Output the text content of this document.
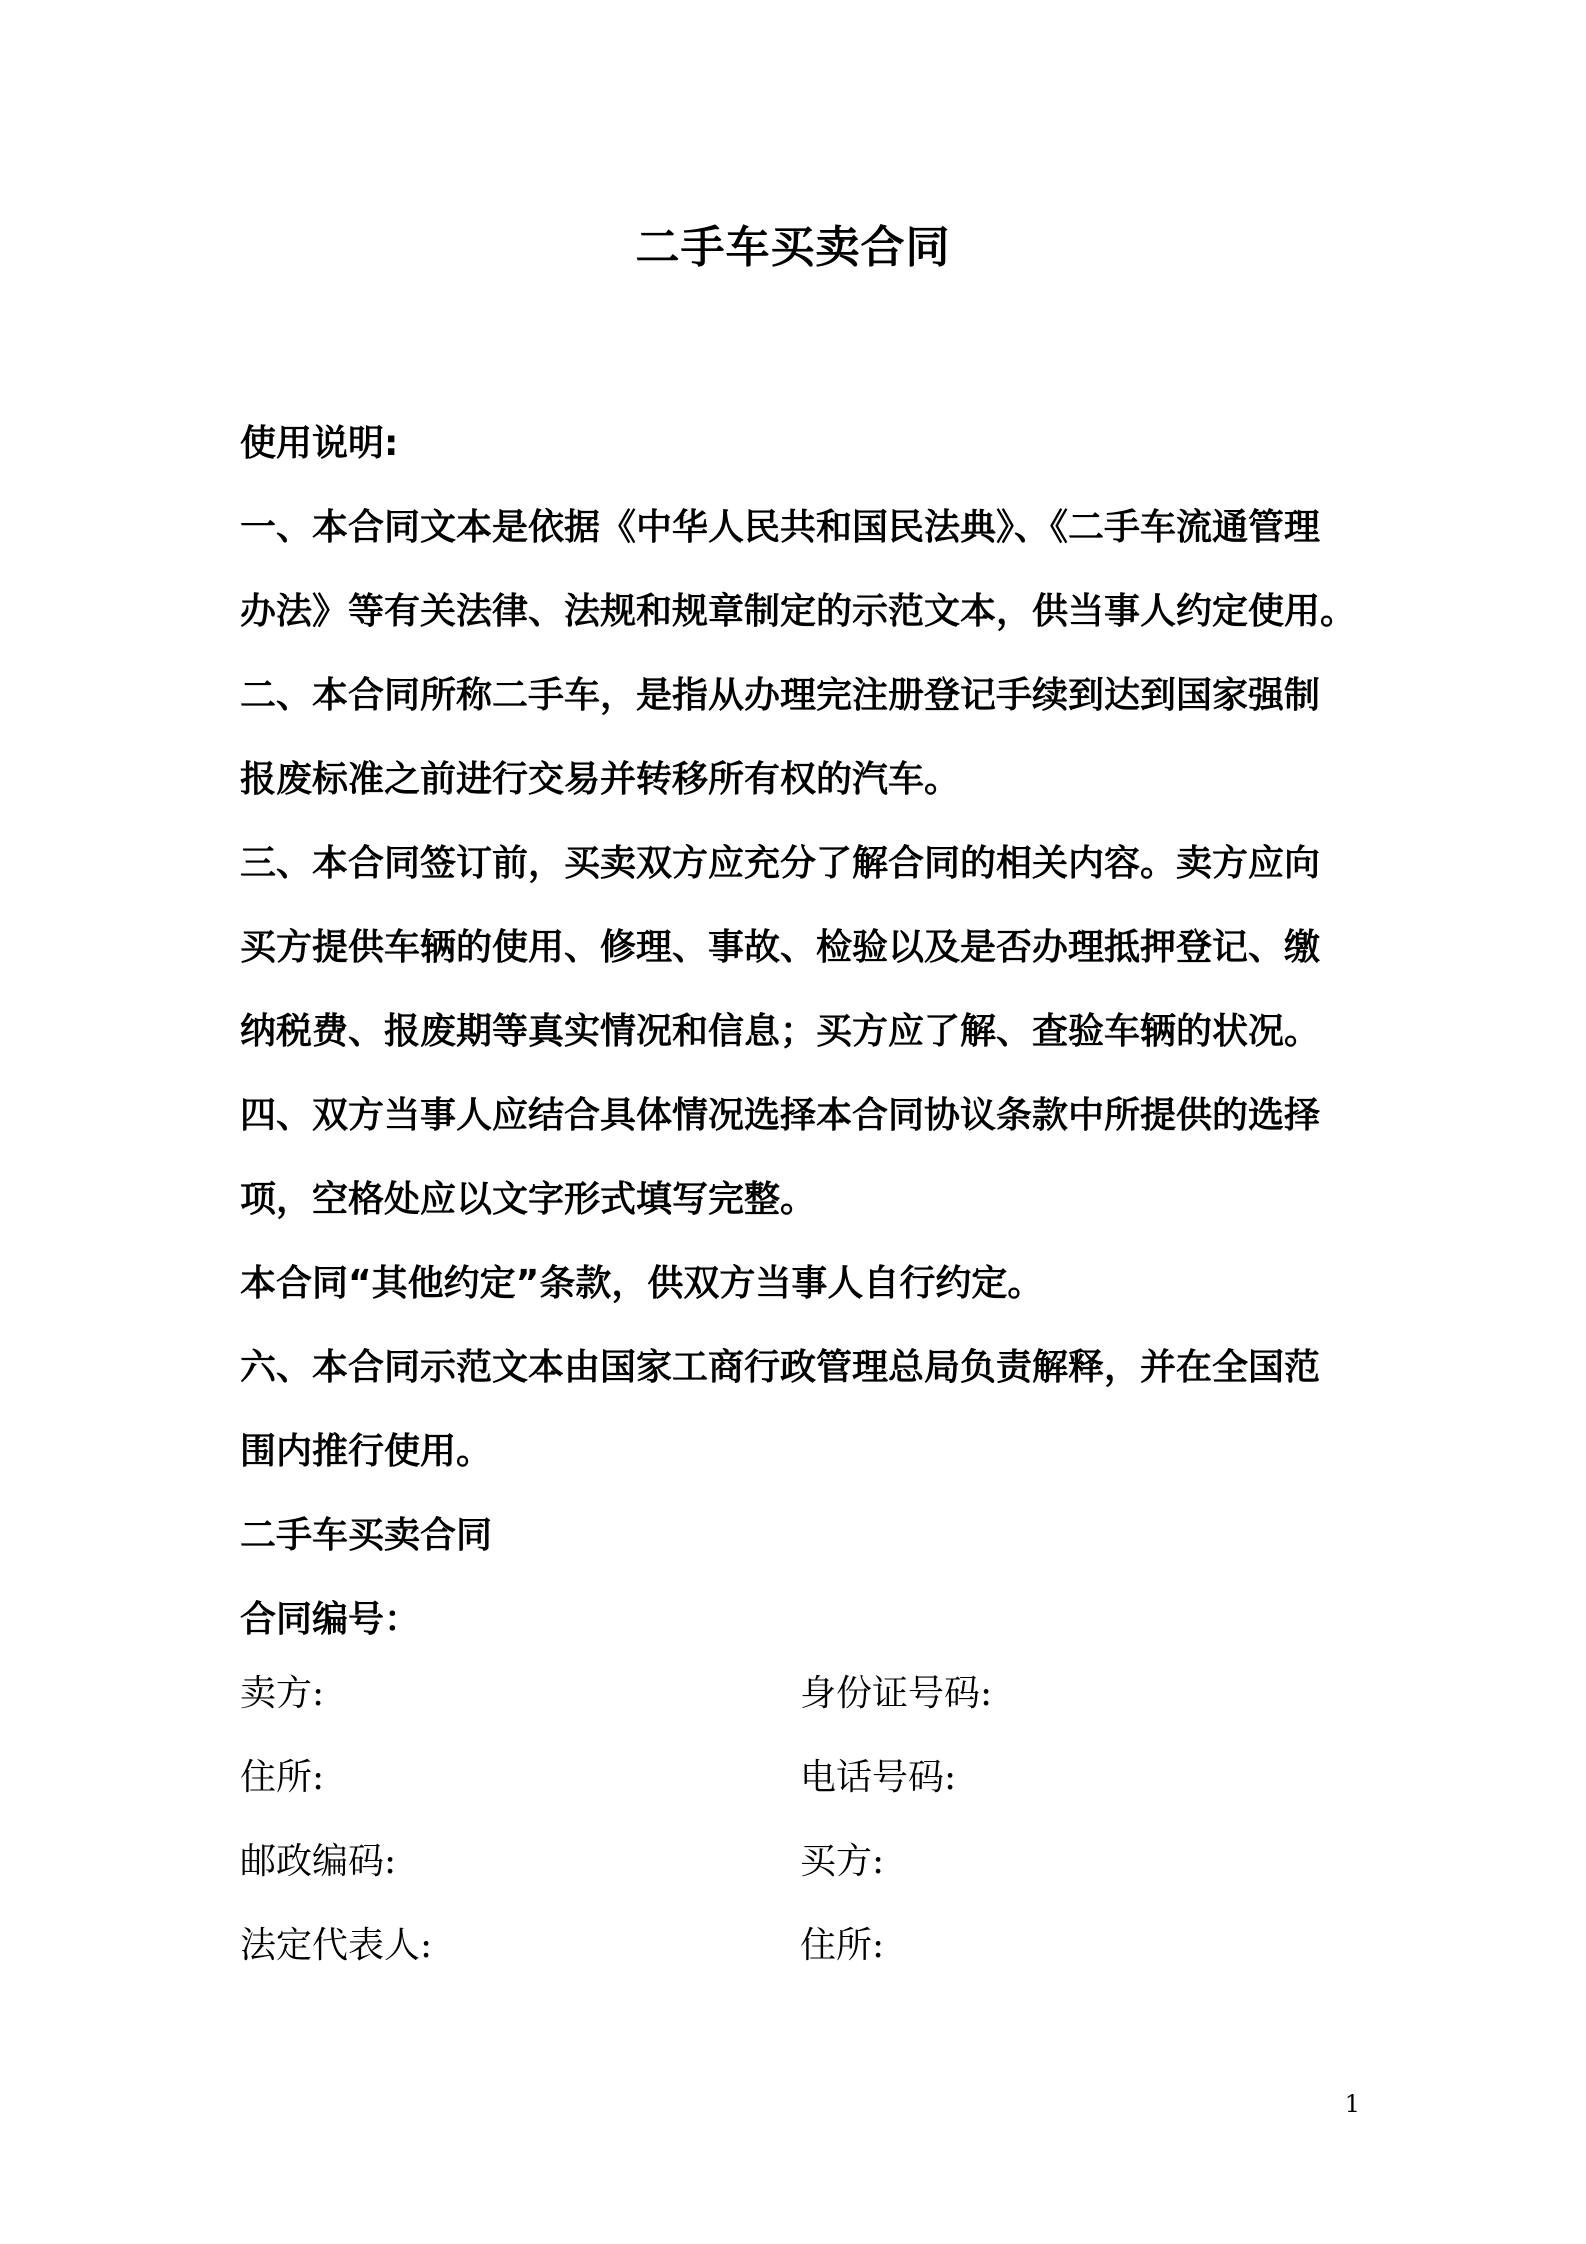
二手车买卖合同

使用说明:

一、本合同文本是依据《中华人民共和国民法典》、《二手车流通管理

办法》等有关法律、法规和规章制定的示范文本，供当事人约定使用。

二、本合同所称二手车，是指从办理完注册登记手续到达到国家强制

报废标准之前进行交易并转移所有权的汽车。

三、本合同签订前，买卖双方应充分了解合同的相关内容。卖方应向

买方提供车辆的使用、修理、事故、检验以及是否办理抵押登记、缴

纳税费、报废期等真实情况和信息；买方应了解、查验车辆的状况。

四、双方当事人应结合具体情况选择本合同协议条款中所提供的选择

项，空格处应以文字形式填写完整。

本合同“其他约定”条款，供双方当事人自行约定。

六、本合同示范文本由国家工商行政管理总局负责解释，并在全国范

围内推行使用。

二手车买卖合同

合同编号：

卖方:	身份证号码:
住所:	电话号码:
邮政编码:	买方:
法定代表人:	住所:
1
